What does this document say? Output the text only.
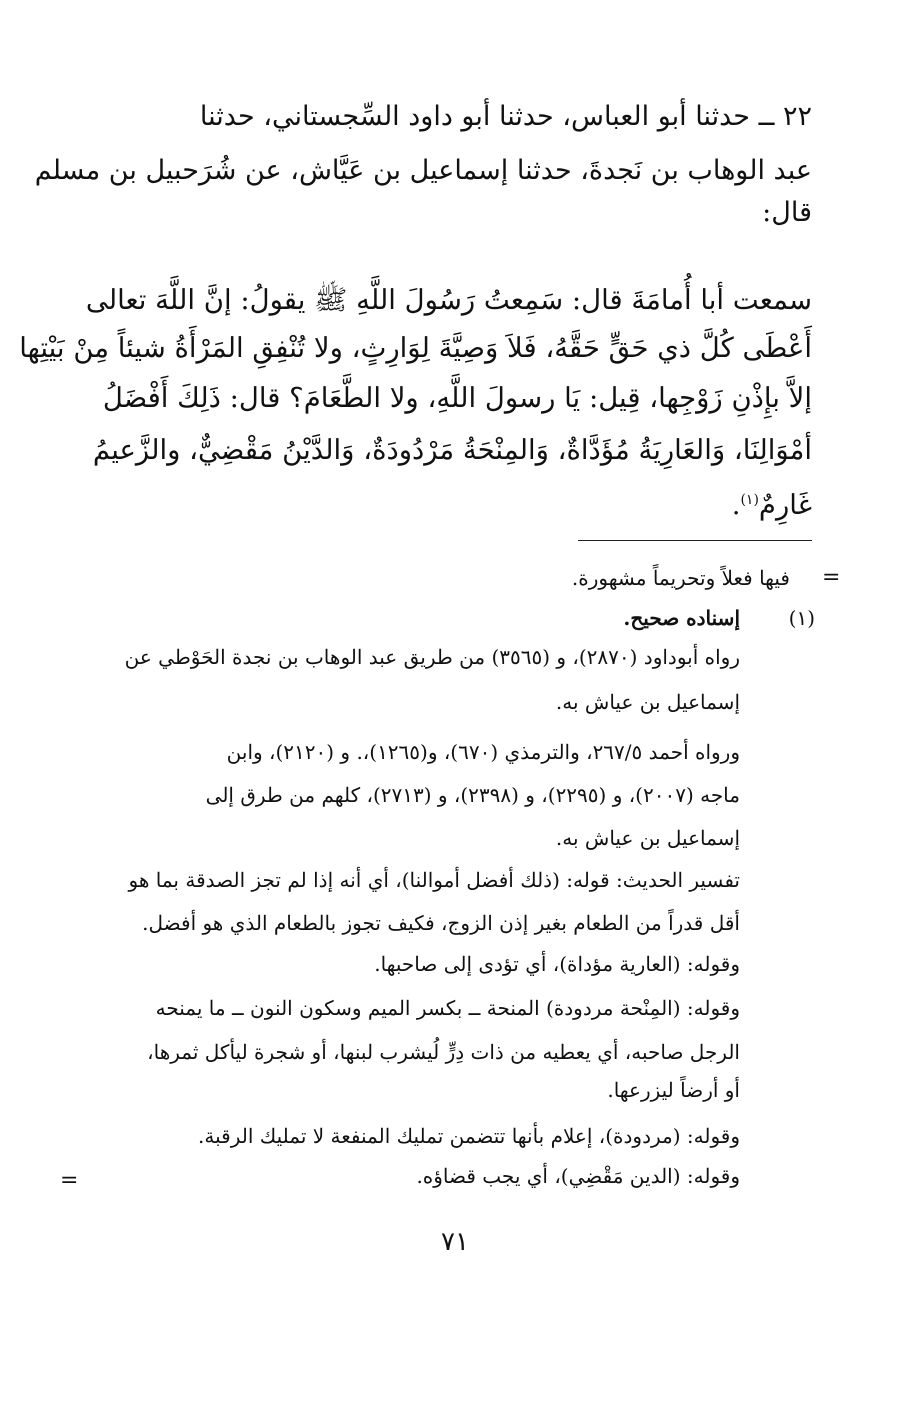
٢٢ ــ حدثنا أبو العباس، حدثنا أبو داود السِّجستاني، حدثنا
عبد الوهاب بن نَجدةَ، حدثنا إسماعيل بن عَيَّاش، عن شُرَحبيل بن مسلم
قال:
سمعت أبا أُمامَةَ قال: سَمِعتُ رَسُولَ اللَّهِ ﷺ يقولُ: إنَّ اللَّهَ تعالى
أَعْطَى كُلَّ ذي حَقٍّ حَقَّهُ، فَلاَ وَصِيَّةَ لِوَارِثٍ، ولا تُنْفِقِ المَرْأَةُ شيئاً مِنْ بَيْتِها
إلاَّ بإِذْنِ زَوْجِها، قِيل: يَا رسولَ اللَّهِ، ولا الطَّعَامَ؟ قال: ذَلِكَ أَفْضَلُ
أمْوَالِنَا، وَالعَارِيَةُ مُؤَدَّاةٌ، وَالمِنْحَةُ مَرْدُودَةٌ، وَالدَّيْنُ مَقْضِيٌّ، والزَّعيمُ
غَارِمٌ$^{(١)}$.
=
فيها فعلاً وتحريماً مشهورة.
(١)
إسناده صحيح.
رواه أبوداود (٢٨٧٠)، و (٣٥٦٥) من طريق عبد الوهاب بن نجدة الحَوْطي عن
إسماعيل بن عياش به.
ورواه أحمد ٢٦٧/٥، والترمذي (٦٧٠)، و(١٢٦٥)،. و (٢١٢٠)، وابن
ماجه (٢٠٠٧)، و (٢٢٩٥)، و (٢٣٩٨)، و (٢٧١٣)، كلهم من طرق إلى
إسماعيل بن عياش به.
تفسير الحديث: قوله: (ذلك أفضل أموالنا)، أي أنه إذا لم تجز الصدقة بما هو
أقل قدراً من الطعام بغير إذن الزوج، فكيف تجوز بالطعام الذي هو أفضل.
وقوله: (العارية مؤداة)، أي تؤدى إلى صاحبها.
وقوله: (المِنْحة مردودة) المنحة ــ بكسر الميم وسكون النون ــ ما يمنحه
الرجل صاحبه، أي يعطيه من ذات دِرٍّ لُيشرب لبنها، أو شجرة ليأكل ثمرها،
أو أرضاً ليزرعها.
وقوله: (مردودة)، إعلام بأنها تتضمن تمليك المنفعة لا تمليك الرقبة.
وقوله: (الدين مَقْضِي)، أي يجب قضاؤه.
=
٧١
